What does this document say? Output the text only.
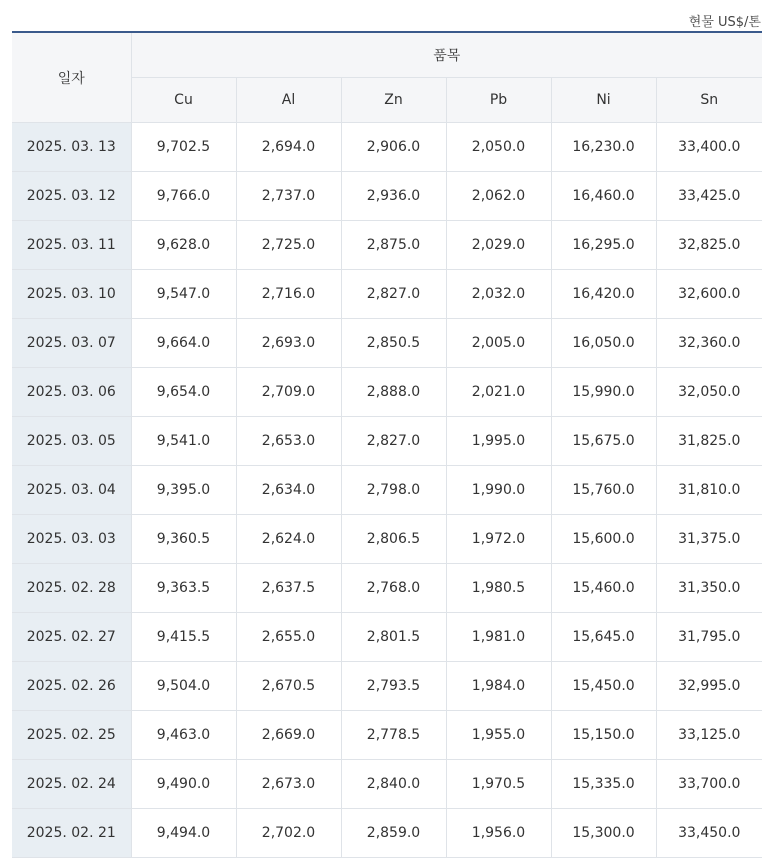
현물 US$/톤
일자	품목					
	Cu	Al	Zn	Pb	Ni	Sn
2025. 03. 13	9,702.5	2,694.0	2,906.0	2,050.0	16,230.0	33,400.0
2025. 03. 12	9,766.0	2,737.0	2,936.0	2,062.0	16,460.0	33,425.0
2025. 03. 11	9,628.0	2,725.0	2,875.0	2,029.0	16,295.0	32,825.0
2025. 03. 10	9,547.0	2,716.0	2,827.0	2,032.0	16,420.0	32,600.0
2025. 03. 07	9,664.0	2,693.0	2,850.5	2,005.0	16,050.0	32,360.0
2025. 03. 06	9,654.0	2,709.0	2,888.0	2,021.0	15,990.0	32,050.0
2025. 03. 05	9,541.0	2,653.0	2,827.0	1,995.0	15,675.0	31,825.0
2025. 03. 04	9,395.0	2,634.0	2,798.0	1,990.0	15,760.0	31,810.0
2025. 03. 03	9,360.5	2,624.0	2,806.5	1,972.0	15,600.0	31,375.0
2025. 02. 28	9,363.5	2,637.5	2,768.0	1,980.5	15,460.0	31,350.0
2025. 02. 27	9,415.5	2,655.0	2,801.5	1,981.0	15,645.0	31,795.0
2025. 02. 26	9,504.0	2,670.5	2,793.5	1,984.0	15,450.0	32,995.0
2025. 02. 25	9,463.0	2,669.0	2,778.5	1,955.0	15,150.0	33,125.0
2025. 02. 24	9,490.0	2,673.0	2,840.0	1,970.5	15,335.0	33,700.0
2025. 02. 21	9,494.0	2,702.0	2,859.0	1,956.0	15,300.0	33,450.0
